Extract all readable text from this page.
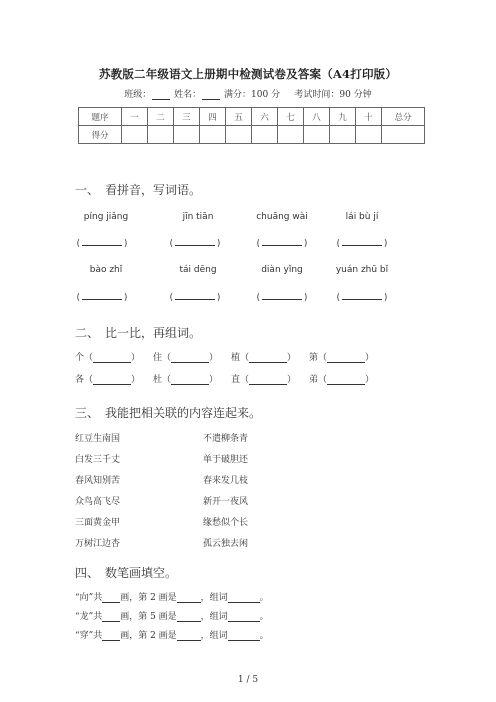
苏教版二年级语文上册期中检测试卷及答案（A4打印版）
班级：	姓名：	满分：100 分 考试时间：90 分钟
题序	一	二	三	四	五	六	七	八	九	十	总分
得分											
一、 看拼音，写词语。
píng jiǎng	jīn tiān	chuāng wài	lái bù jí
(	)	(	)	(	)	(	)
bào zhǐ	tái dēng	diàn yǐng	yuán zhū bǐ
(	)	(	)	(	)	(	)
二、 比一比，再组词。
个（	） 住（	） 植（	） 第（	）
各（	） 杜（	） 直（	） 弟（	）
三、 我能把相关联的内容连起来。
红豆生南国
白发三千丈
春风知别苦
众鸟高飞尽
三面黄金甲
万树江边杏
不遣柳条青
单于破胆还
春来发几枝
新开一夜风
缘愁似个长
孤云独去闲
四、 数笔画填空。
“向”共 画，第 2 画是	，组词	。
“龙”共 画，第 5 画是	，组词	。
“穿”共 画，第 2 画是	，组词	。
1 / 5
